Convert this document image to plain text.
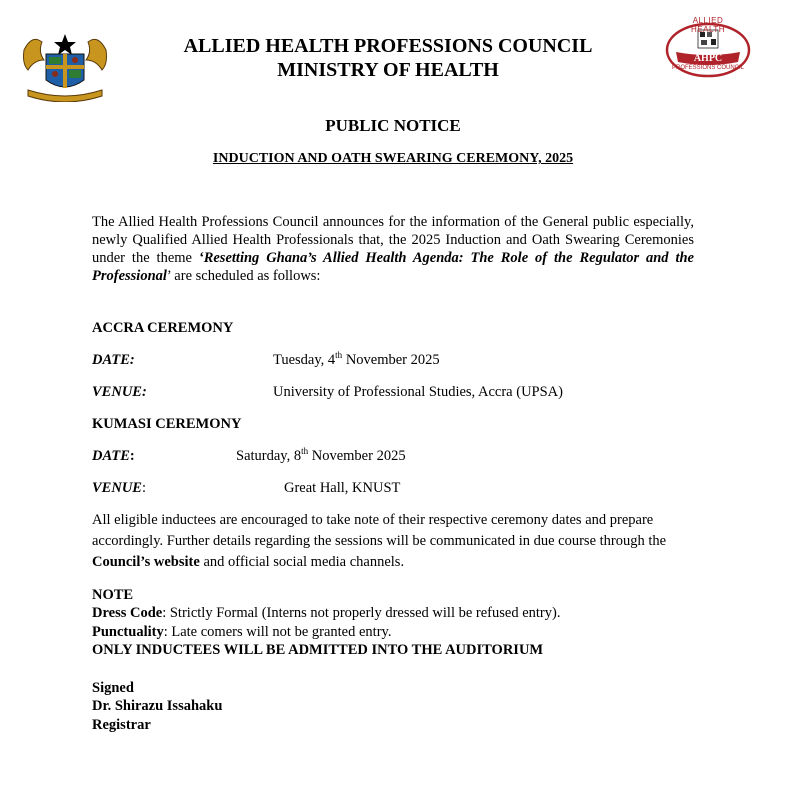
ALLIED HEALTH
AHPC
PROFESSIONS COUNCIL
ALLIED HEALTH PROFESSIONS COUNCIL
MINISTRY OF HEALTH
PUBLIC NOTICE
INDUCTION AND OATH SWEARING CEREMONY, 2025
The Allied Health Professions Council announces for the information of the General public especially, newly Qualified Allied Health Professionals that, the 2025 Induction and Oath Swearing Ceremonies under the theme ‘Resetting Ghana’s Allied Health Agenda: The Role of the Regulator and the Professional’ are scheduled as follows:
ACCRA CEREMONY
DATE:	Tuesday, 4th November 2025
VENUE:	University of Professional Studies, Accra (UPSA)
KUMASI CEREMONY
DATE:	Saturday, 8th November 2025
VENUE:	Great Hall, KNUST
All eligible inductees are encouraged to take note of their respective ceremony dates and prepare accordingly. Further details regarding the sessions will be communicated in due course through the Council’s website and official social media channels.
NOTE
Dress Code: Strictly Formal (Interns not properly dressed will be refused entry).
Punctuality: Late comers will not be granted entry.
ONLY INDUCTEES WILL BE ADMITTED INTO THE AUDITORIUM
Signed
Dr. Shirazu Issahaku
Registrar
